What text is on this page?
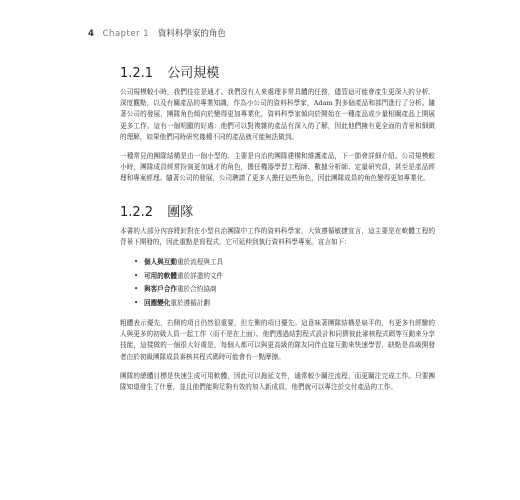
4 Chapter 1 資料科學家的角色
1.2.1 公司規模

公司規模較小時，我們往往是通才。我們沒有人來處理非常具體的任務，儘管這可能會產生更深入的分析、深度觀點，以及有關產品的專業知識，作為小公司的資料科學家，Adam 對多個產品和部門進行了分析。隨著公司的發展，團隊角色傾向於變得更加專業化，資料科學家傾向於開始在一種產品或少量相關產品上開展更多工作。這有一個明顯的好處：他們可以對複雜的產品有深入的了解，因此他們擁有更全面的背景和細緻的理解，如果他們同時研究幾種不同的產品就可能無法做到。

一種常見的團隊結構是由一個小型的、主要是自治的團隊建構和維護產品，下一節會詳細介紹。公司規模較小時，團隊成員經常扮演更加通才的角色，擔任機器學習工程師、數據分析師、定量研究員，甚至是產品經理和專案經理。隨著公司的發展，公司聘請了更多人擔任這些角色，因此團隊成員的角色變得更加專業化。

1.2.2 團隊

本書的大部分內容將針對在小型自治團隊中工作的資料科學家，大致遵循敏捷宣言，這主要是在軟體工程的背景下開發的，因此重點是寫程式，它可延伸到執行資料科學專案。宣言如下：

• 個人與互動重於流程與工具
• 可用的軟體重於詳盡的文件
• 與客戶合作重於合約協商
• 回應變化重於遵循計劃

粗體表示優先，右側的項目仍然很重要，但左側的項目優先。這意味著團隊結構是扁平的，有更多有經驗的人與更多的初級人員一起工作（而不是在上面）。他們透過結對程式設計和同儕彼此審核程式碼等互動來分享技能，這樣做的一個很大好處是，每個人都可以與更高級的隊友同伴直接互動來快速學習，缺點是高級開發者由於初級團隊成員審核其程式碼時可能會有一點摩擦。

團隊的總體目標是快速生成可用軟體，因此可以拖延文件，通常較少關注流程，而更關注完成工作。只要團隊知道發生了什麼，並且他們能夠足夠有效的加入新成員，他們就可以專注於交付產品的工作。
